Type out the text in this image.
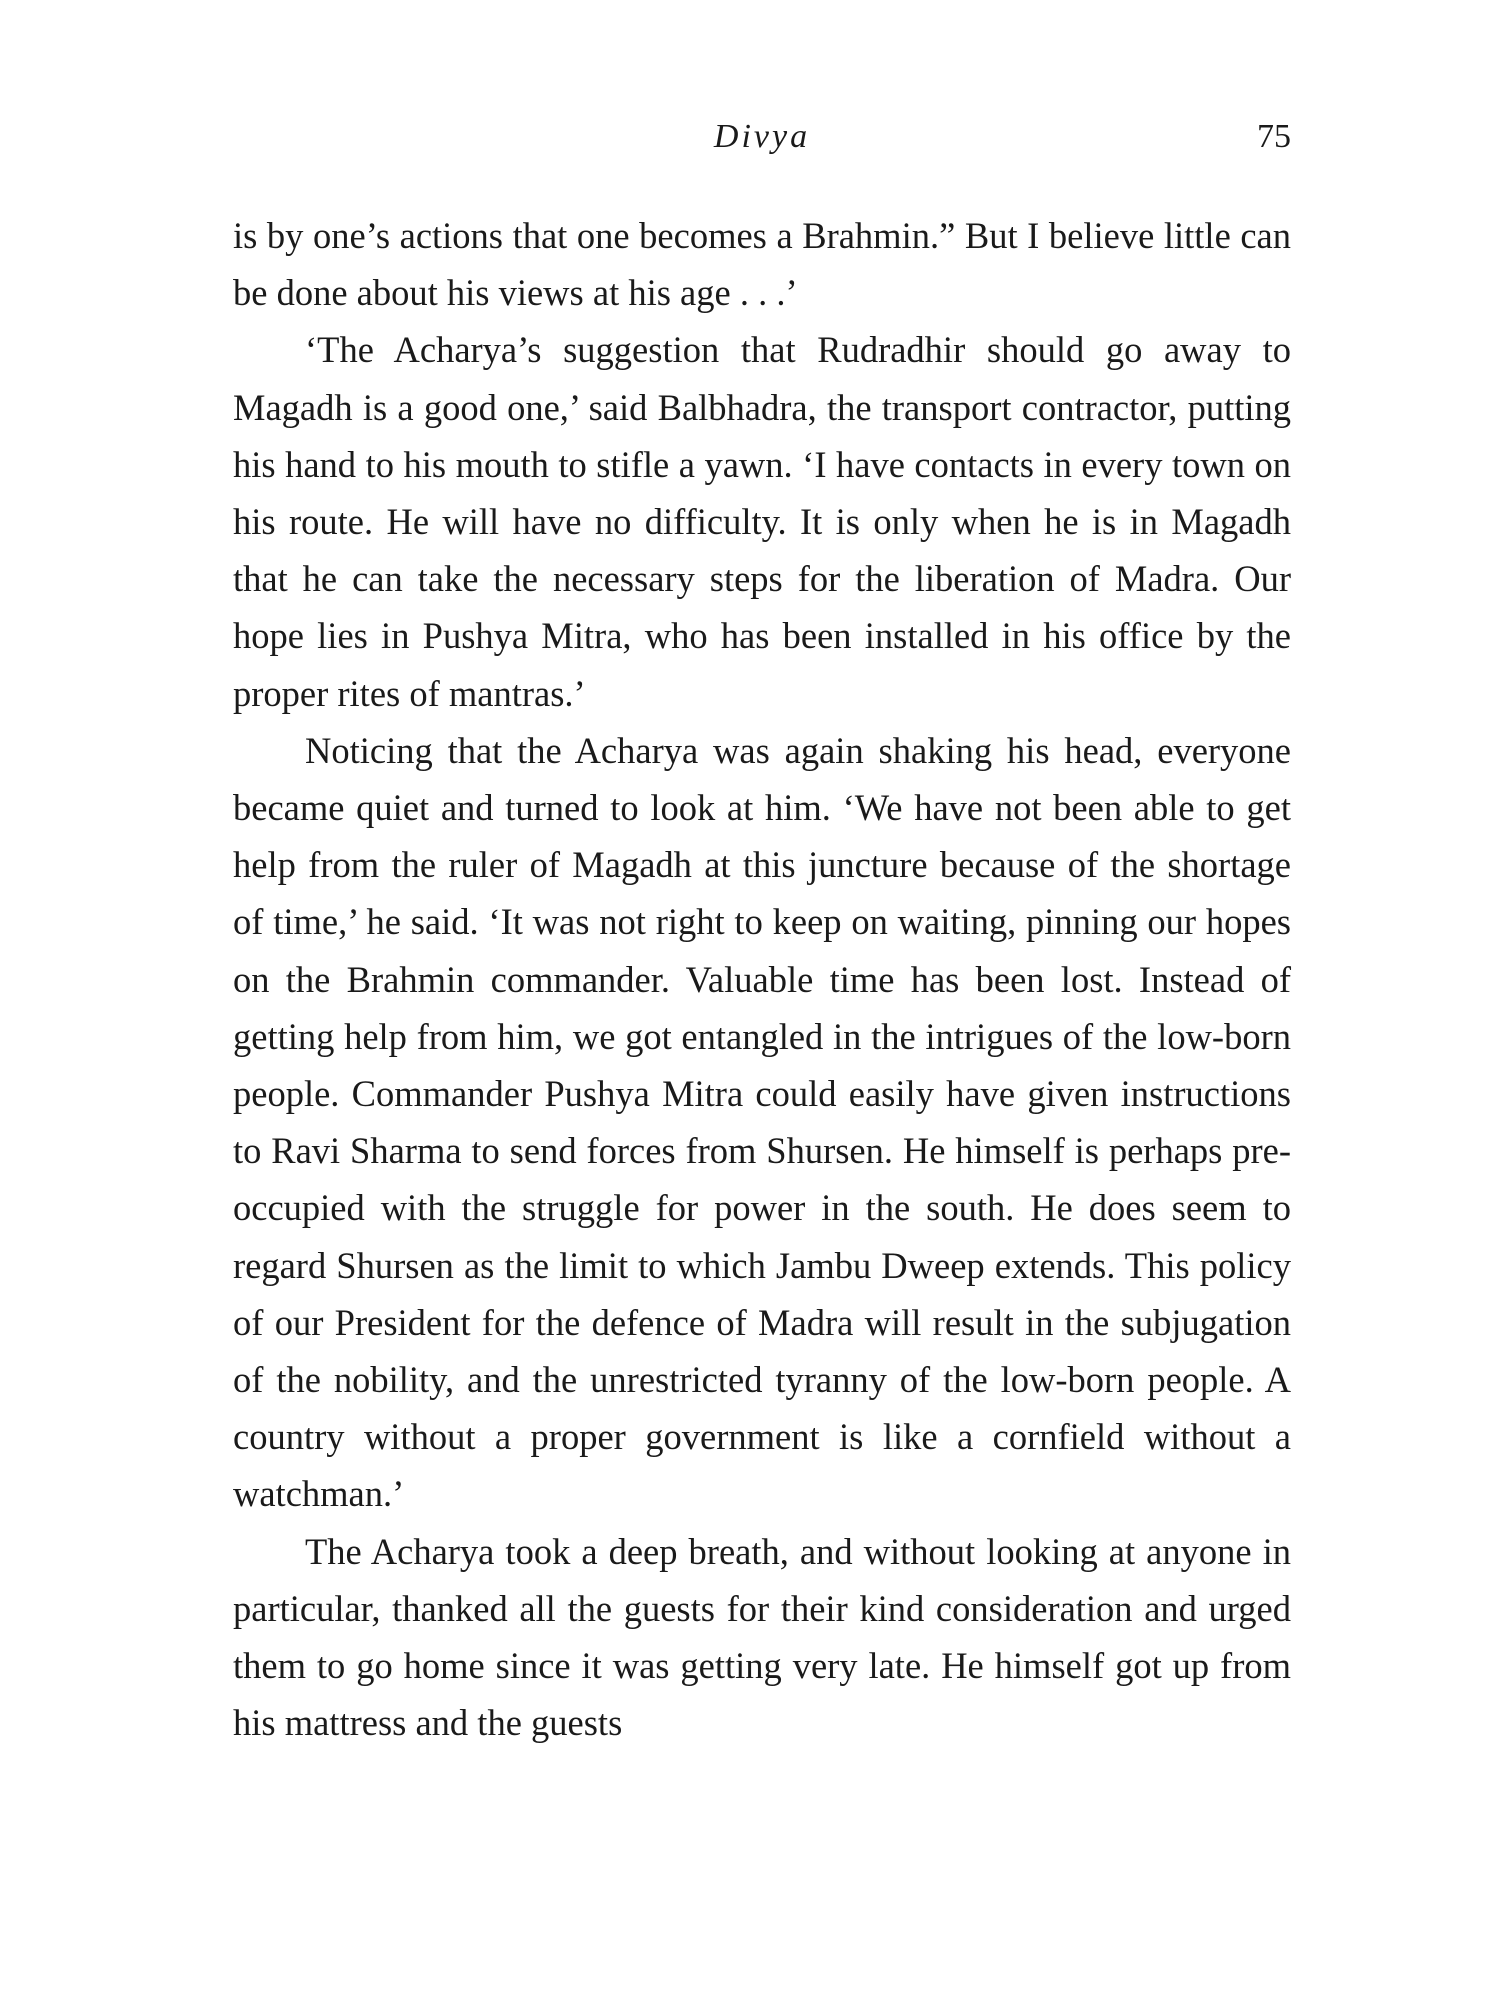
Divya	75

is by one’s actions that one becomes a Brahmin.” But I believe little can be done about his views at his age . . .’

‘The Acharya’s suggestion that Rudradhir should go away to Magadh is a good one,’ said Balbhadra, the transport contractor, putting his hand to his mouth to stifle a yawn. ‘I have contacts in every town on his route. He will have no difficulty. It is only when he is in Magadh that he can take the necessary steps for the liberation of Madra. Our hope lies in Pushya Mitra, who has been installed in his office by the proper rites of mantras.’

Noticing that the Acharya was again shaking his head, everyone became quiet and turned to look at him. ‘We have not been able to get help from the ruler of Magadh at this juncture because of the shortage of time,’ he said. ‘It was not right to keep on waiting, pinning our hopes on the Brahmin commander. Valuable time has been lost. Instead of getting help from him, we got entangled in the intrigues of the low-born people. Commander Pushya Mitra could easily have given instructions to Ravi Sharma to send forces from Shursen. He himself is perhaps pre-occupied with the struggle for power in the south. He does seem to regard Shursen as the limit to which Jambu Dweep extends. This policy of our President for the defence of Madra will result in the subjugation of the nobility, and the unrestricted tyranny of the low-born people. A country without a proper government is like a cornfield without a watchman.’

The Acharya took a deep breath, and without looking at anyone in particular, thanked all the guests for their kind consideration and urged them to go home since it was getting very late. He himself got up from his mattress and the guests
